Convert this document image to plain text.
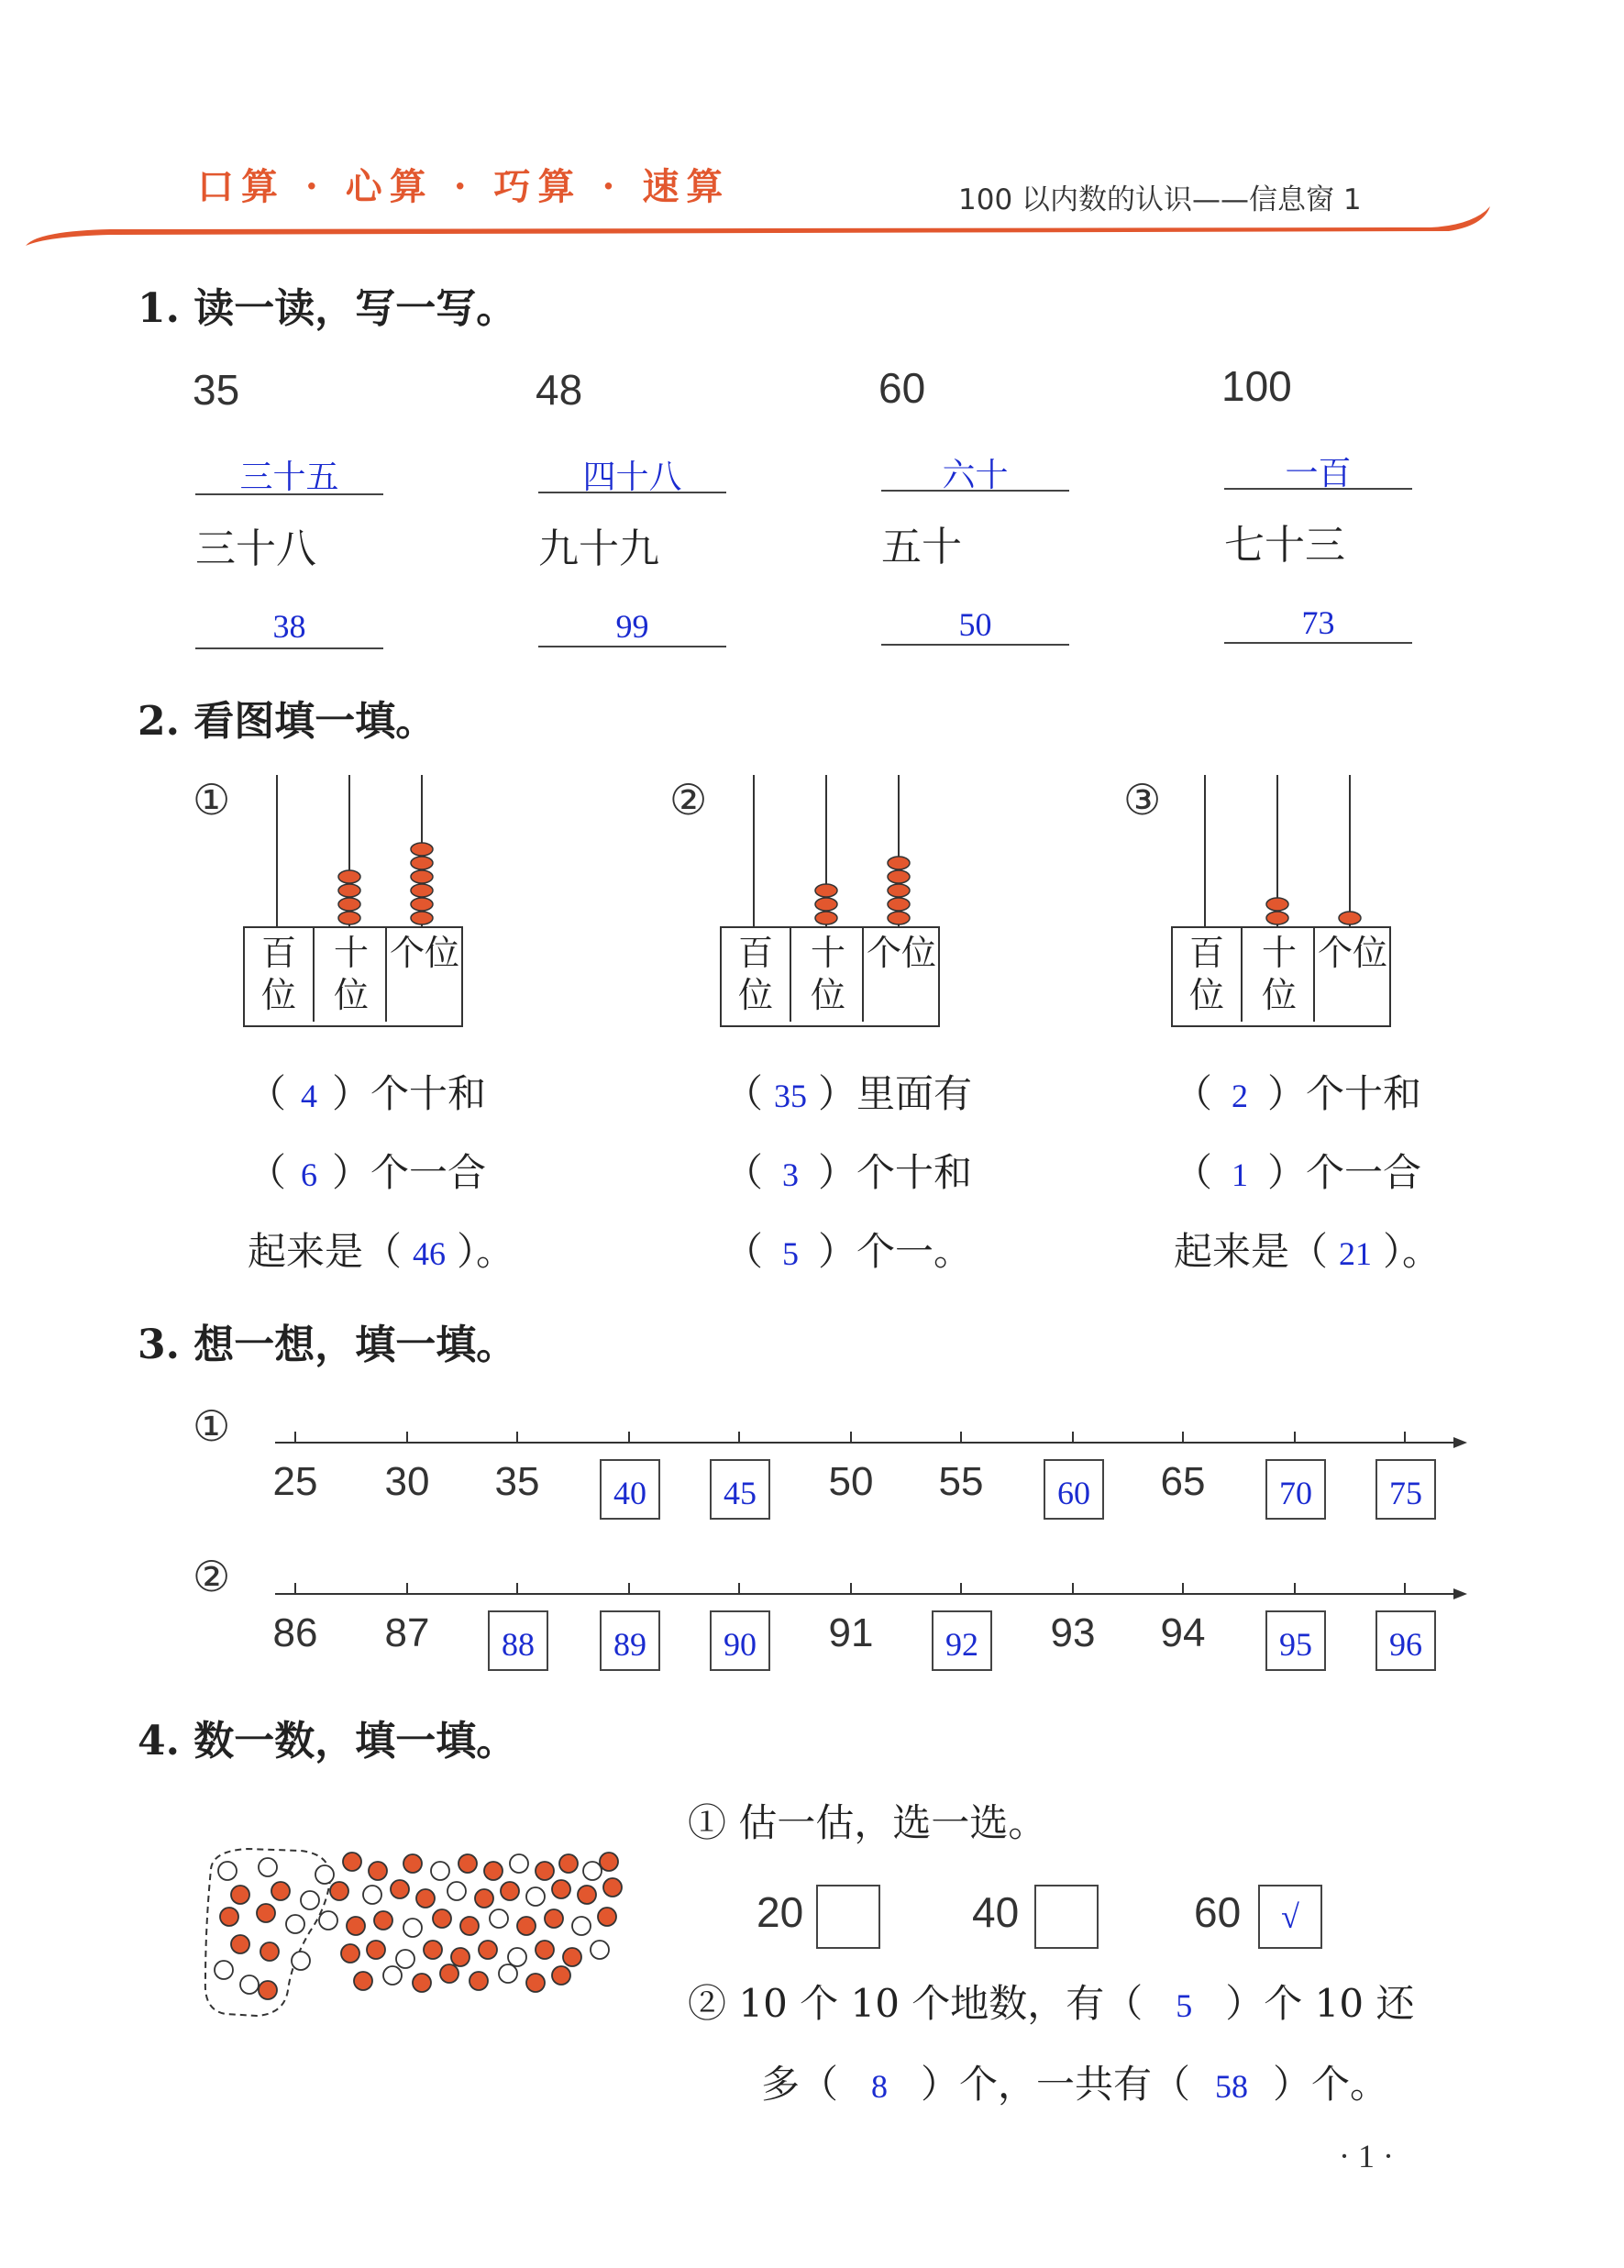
口算 · 心算 · 巧算 · 速算	100 以内数的认识——信息窗 1
1. 读一读，写一写。
35	48	60	100
三十五	四十八	六十	一百
三十八	九十九	五十	七十三
38	99	50	73
2. 看图填一填。
①
百位
十位
个位
②
百位
十位
个位
③
百位
十位
个位
（ 4 ）个十和
（ 6 ）个一合
起来是（ 46 ）。
（ 35 ）里面有
（ 3 ）个十和
（ 5 ）个一。
（ 2 ）个十和
（ 1 ）个一合
起来是（ 21 ）。
3. 想一想，填一填。
①
25	30	35	40	45	50	55	60	65	70	75
②
86	87	88	89	90	91	92	93	94	95	96
4. 数一数，填一填。
① 估一估，选一选。
20	40	60	√
② 10 个 10 个地数，有（ 5 ）个 10 还
多（ 8 ）个，一共有（ 58 ）个。
· 1 ·
